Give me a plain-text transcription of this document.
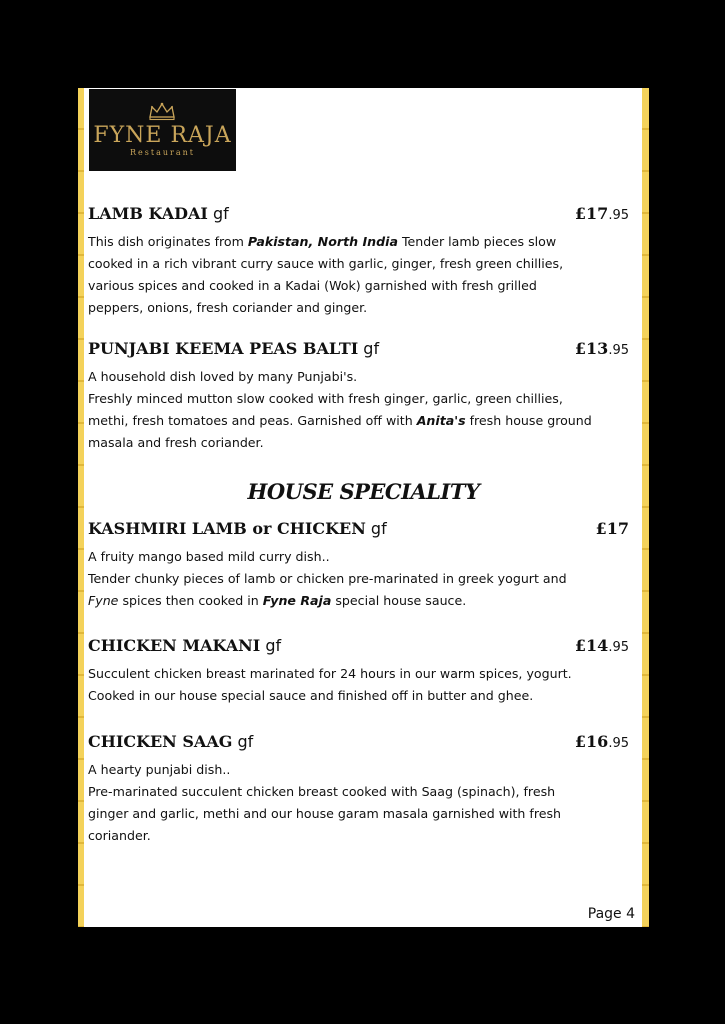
FYNE RAJA
Restaurant
LAMB KADAI gf	£17.95
This dish originates from Pakistan, North India Tender lamb pieces slow
cooked in a rich vibrant curry sauce with garlic, ginger, fresh green chillies,
various spices and cooked in a Kadai (Wok) garnished with fresh grilled
peppers, onions, fresh coriander and ginger.
PUNJABI KEEMA PEAS BALTI gf	£13.95
A household dish loved by many Punjabi's.
Freshly minced mutton slow cooked with fresh ginger, garlic, green chillies,
methi, fresh tomatoes and peas. Garnished off with Anita's fresh house ground
masala and fresh coriander.
HOUSE SPECIALITY
KASHMIRI LAMB or CHICKEN gf	£17
A fruity mango based mild curry dish..
Tender chunky pieces of lamb or chicken pre-marinated in greek yogurt and
Fyne spices then cooked in Fyne Raja special house sauce.
CHICKEN MAKANI gf	£14.95
Succulent chicken breast marinated for 24 hours in our warm spices, yogurt.
Cooked in our house special sauce and finished off in butter and ghee.
CHICKEN SAAG gf	£16.95
A hearty punjabi dish..
Pre-marinated succulent chicken breast cooked with Saag (spinach), fresh
ginger and garlic, methi and our house garam masala garnished with fresh
coriander.
Page 4
